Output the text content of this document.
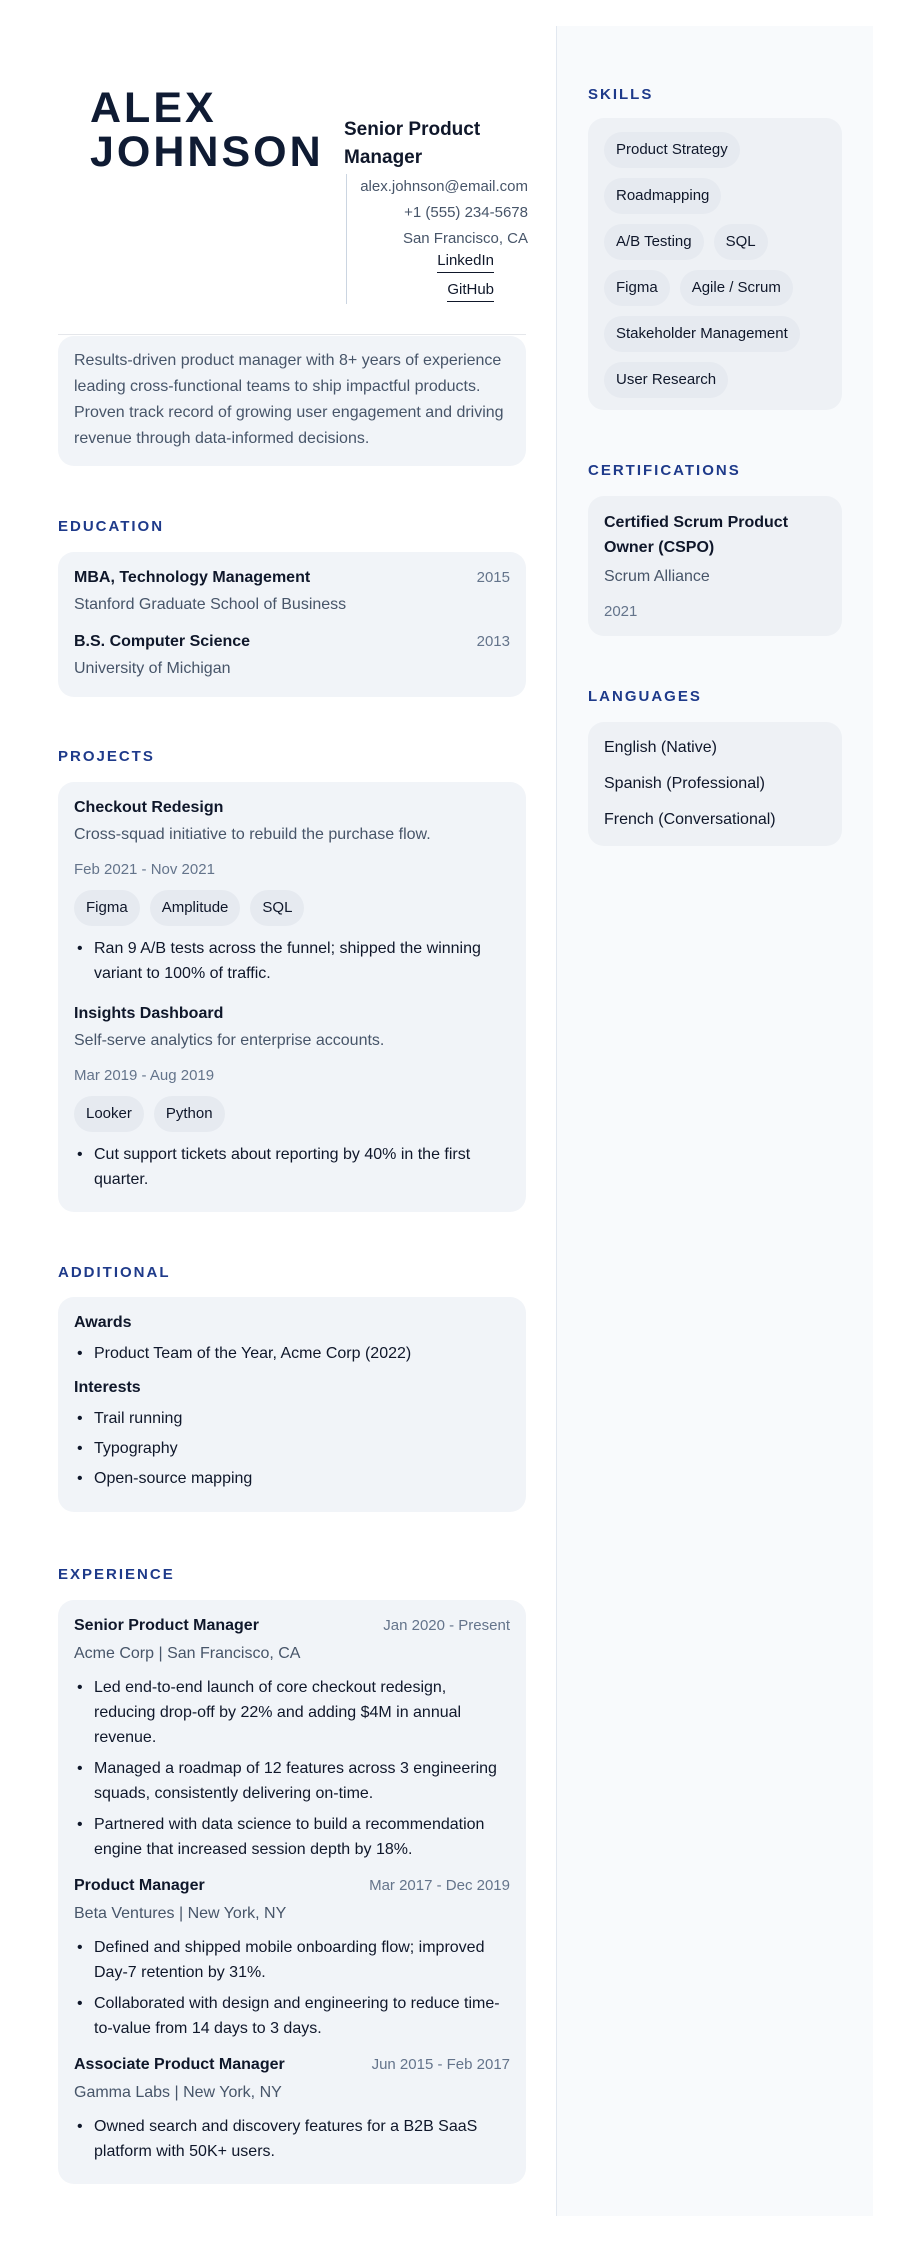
ALEX
JOHNSON Senior Product Manager
alex.johnson@email.com
+1 (555) 234-5678
San Francisco, CA
LinkedIn
GitHub
Results-driven product manager with 8+ years of experience leading cross-functional teams to ship impactful products. Proven track record of growing user engagement and driving revenue through data-informed decisions.
EDUCATION
MBA, Technology Management	2015
Stanford Graduate School of Business
B.S. Computer Science	2013
University of Michigan
PROJECTS
Checkout Redesign
Cross-squad initiative to rebuild the purchase flow.
Feb 2021 - Nov 2021
Figma	Amplitude	SQL
• Ran 9 A/B tests across the funnel; shipped the winning variant to 100% of traffic.
Insights Dashboard
Self-serve analytics for enterprise accounts.
Mar 2019 - Aug 2019
Looker	Python
• Cut support tickets about reporting by 40% in the first quarter.
ADDITIONAL
Awards
• Product Team of the Year, Acme Corp (2022)
Interests
• Trail running
• Typography
• Open-source mapping
EXPERIENCE
Senior Product Manager	Jan 2020 - Present
Acme Corp | San Francisco, CA
• Led end-to-end launch of core checkout redesign, reducing drop-off by 22% and adding $4M in annual revenue.
• Managed a roadmap of 12 features across 3 engineering squads, consistently delivering on-time.
• Partnered with data science to build a recommendation engine that increased session depth by 18%.
Product Manager	Mar 2017 - Dec 2019
Beta Ventures | New York, NY
• Defined and shipped mobile onboarding flow; improved Day-7 retention by 31%.
• Collaborated with design and engineering to reduce time-to-value from 14 days to 3 days.
Associate Product Manager	Jun 2015 - Feb 2017
Gamma Labs | New York, NY
• Owned search and discovery features for a B2B SaaS platform with 50K+ users.
SKILLS
Product Strategy
Roadmapping
A/B Testing	SQL
Figma	Agile / Scrum
Stakeholder Management
User Research
CERTIFICATIONS
Certified Scrum Product Owner (CSPO)
Scrum Alliance
2021
LANGUAGES
English (Native)
Spanish (Professional)
French (Conversational)
